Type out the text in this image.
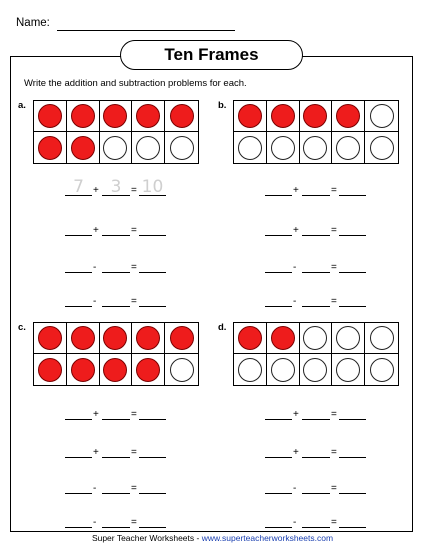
Name:
Ten Frames
Write the addition and subtraction problems for each.
a.
+	=
7	3	10
+	=
-	=
-	=
b.
+	=
+	=
-	=
-	=
c.
+	=
+	=
-	=
-	=
d.
+	=
+	=
-	=
-	=
Super Teacher Worksheets - www.superteacherworksheets.com
